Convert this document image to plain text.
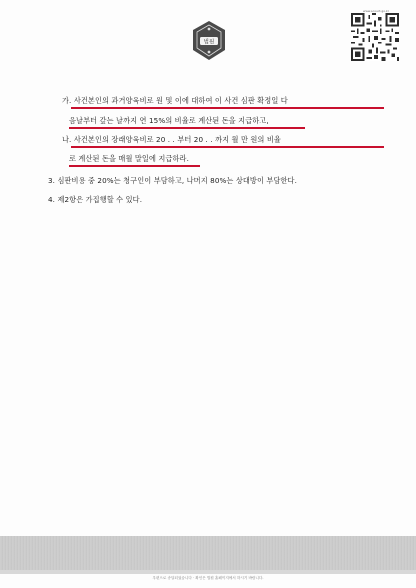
법원
www.scourt.go.kr
가. 사건본인의 과거양육비로 원 및 이에 대하여 이 사건 심판 확정일 다
음날부터 갚는 날까지 연 15%의 비율로 계산된 돈을 지급하고,
나. 사건본인의 장래양육비로 20 . . 부터 20 . . 까지 월 만 원의 비율
로 계산된 돈을 매월 말일에 지급하라.
3. 심판비용 중 20%는 청구인이 부담하고, 나머지 80%는 상대방이 부담한다.
4. 제2항은 가집행할 수 있다.
우편으로 송달되었습니다 · 확인은 법원 홈페이지에서 하시기 바랍니다.
